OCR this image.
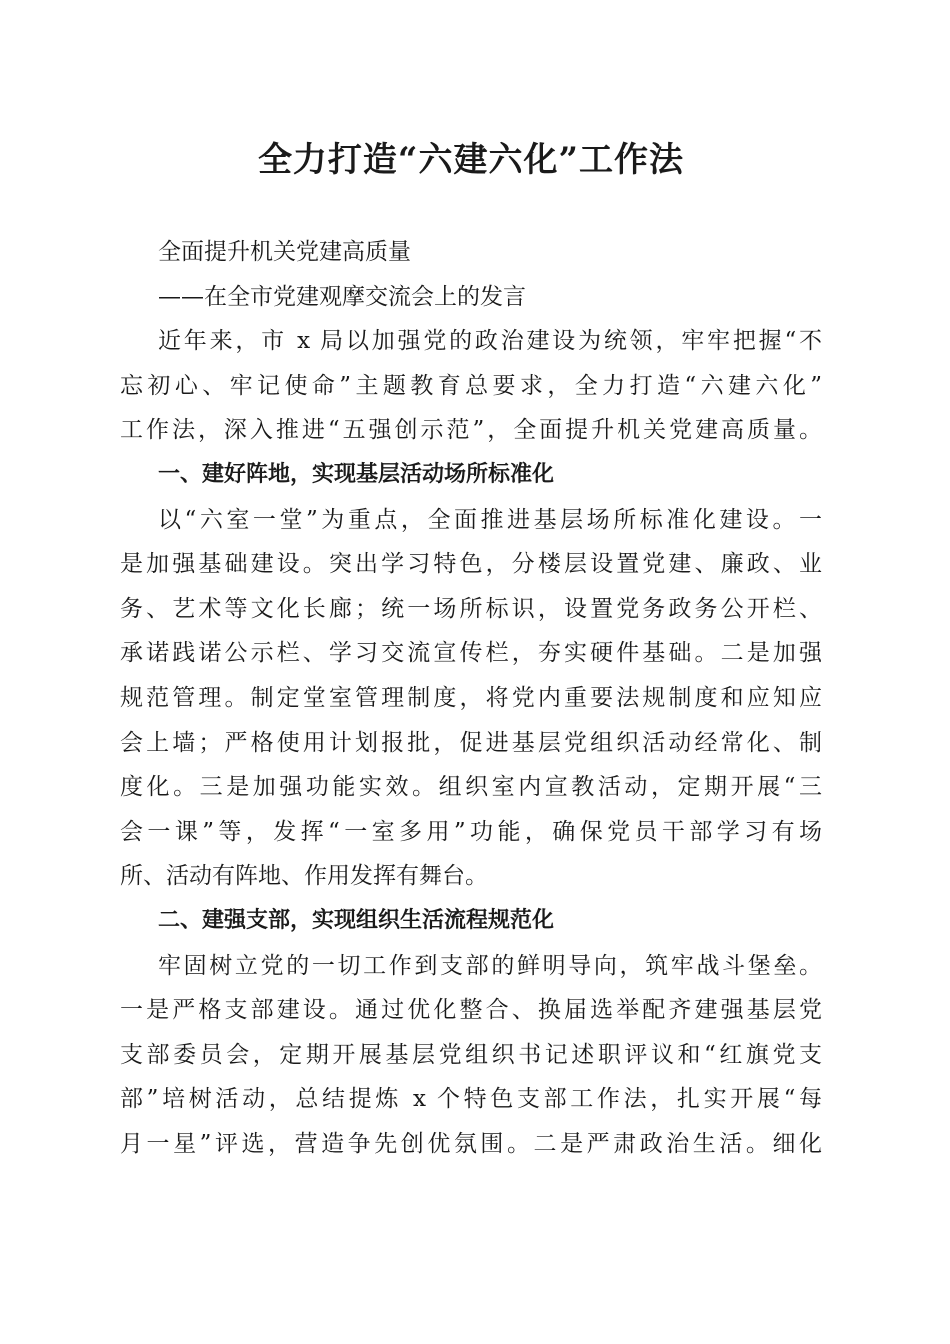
全力打造“六建六化”工作法
全面提升机关党建高质量
——在全市党建观摩交流会上的发言
近年来，市 x 局以加强党的政治建设为统领，牢牢把握“不
忘初心、牢记使命”主题教育总要求，全力打造“六建六化”
工作法，深入推进“五强创示范”，全面提升机关党建高质量。
一、建好阵地，实现基层活动场所标准化
以“六室一堂”为重点，全面推进基层场所标准化建设。一
是加强基础建设。突出学习特色，分楼层设置党建、廉政、业
务、艺术等文化长廊；统一场所标识，设置党务政务公开栏、
承诺践诺公示栏、学习交流宣传栏，夯实硬件基础。二是加强
规范管理。制定堂室管理制度，将党内重要法规制度和应知应
会上墙；严格使用计划报批，促进基层党组织活动经常化、制
度化。三是加强功能实效。组织室内宣教活动，定期开展“三
会一课”等，发挥“一室多用”功能，确保党员干部学习有场
所、活动有阵地、作用发挥有舞台。
二、建强支部，实现组织生活流程规范化
牢固树立党的一切工作到支部的鲜明导向，筑牢战斗堡垒。
一是严格支部建设。通过优化整合、换届选举配齐建强基层党
支部委员会，定期开展基层党组织书记述职评议和“红旗党支
部”培树活动，总结提炼 x 个特色支部工作法，扎实开展“每
月一星”评选，营造争先创优氛围。二是严肃政治生活。细化
